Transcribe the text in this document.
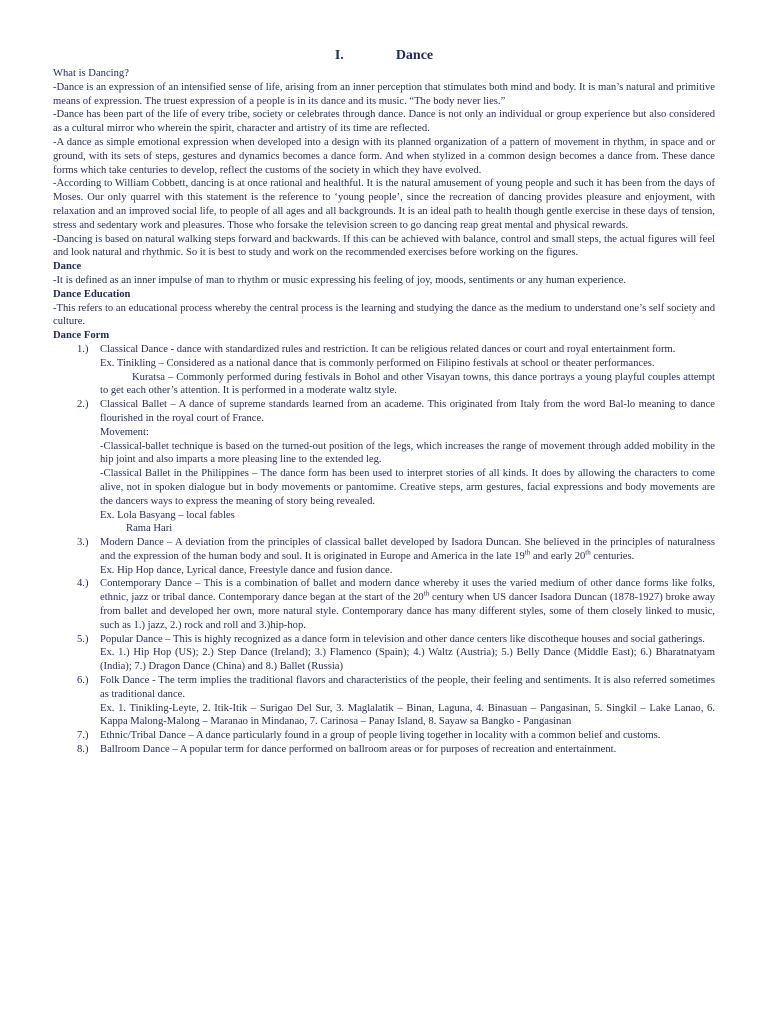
I.	Dance

What is Dancing?

-Dance is an expression of an intensified sense of life, arising from an inner perception that stimulates both mind and body. It is man’s natural and primitive means of expression. The truest expression of a people is in its dance and its music. “The body never lies.”

-Dance has been part of the life of every tribe, society or celebrates through dance. Dance is not only an individual or group experience but also considered as a cultural mirror who wherein the spirit, character and artistry of its time are reflected.

-A dance as simple emotional expression when developed into a design with its planned organization of a pattern of movement in rhythm, in space and or ground, with its sets of steps, gestures and dynamics becomes a dance form. And when stylized in a common design becomes a dance from. These dance forms which take centuries to develop, reflect the customs of the society in which they have evolved.

-According to William Cobbett, dancing is at once rational and healthful. It is the natural amusement of young people and such it has been from the days of Moses. Our only quarrel with this statement is the reference to ‘young people’, since the recreation of dancing provides pleasure and enjoyment, with relaxation and an improved social life, to people of all ages and all backgrounds. It is an ideal path to health though gentle exercise in these days of tension, stress and sedentary work and pleasures. Those who forsake the television screen to go dancing reap great mental and physical rewards.

-Dancing is based on natural walking steps forward and backwards. If this can be achieved with balance, control and small steps, the actual figures will feel and look natural and rhythmic. So it is best to study and work on the recommended exercises before working on the figures.

Dance

-It is defined as an inner impulse of man to rhythm or music expressing his feeling of joy, moods, sentiments or any human experience.

Dance Education

-This refers to an educational process whereby the central process is the learning and studying the dance as the medium to understand one’s self society and culture.

Dance Form

1.)	Classical Dance - dance with standardized rules and restriction. It can be religious related dances or court and royal entertainment form.

Ex. Tinikling – Considered as a national dance that is commonly performed on Filipino festivals at school or theater performances.

Kuratsa – Commonly performed during festivals in Bohol and other Visayan towns, this dance portrays a young playful couples attempt to get each other’s attention. It is performed in a moderate waltz style.

2.)	Classical Ballet – A dance of supreme standards learned from an academe. This originated from Italy from the word Bal-lo meaning to dance flourished in the royal court of France.

Movement:

-Classical-ballet technique is based on the turned-out position of the legs, which increases the range of movement through added mobility in the hip joint and also imparts a more pleasing line to the extended leg.

-Classical Ballet in the Philippines – The dance form has been used to interpret stories of all kinds. It does by allowing the characters to come alive, not in spoken dialogue but in body movements or pantomime. Creative steps, arm gestures, facial expressions and body movements are the dancers ways to express the meaning of story being revealed.

Ex. Lola Basyang – local fables

Rama Hari

3.)	Modern Dance – A deviation from the principles of classical ballet developed by Isadora Duncan. She believed in the principles of naturalness and the expression of the human body and soul. It is originated in Europe and America in the late 19th and early 20th centuries.

Ex. Hip Hop dance, Lyrical dance, Freestyle dance and fusion dance.

4.)	Contemporary Dance – This is a combination of ballet and modern dance whereby it uses the varied medium of other dance forms like folks, ethnic, jazz or tribal dance. Contemporary dance began at the start of the 20th century when US dancer Isadora Duncan (1878-1927) broke away from ballet and developed her own, more natural style. Contemporary dance has many different styles, some of them closely linked to music, such as 1.) jazz, 2.) rock and roll and 3.)hip-hop.

5.)	Popular Dance – This is highly recognized as a dance form in television and other dance centers like discotheque houses and social gatherings.

Ex. 1.) Hip Hop (US); 2.) Step Dance (Ireland); 3.) Flamenco (Spain); 4.) Waltz (Austria); 5.) Belly Dance (Middle East); 6.) Bharatnatyam (India); 7.) Dragon Dance (China) and 8.) Ballet (Russia)

6.)	Folk Dance - The term implies the traditional flavors and characteristics of the people, their feeling and sentiments. It is also referred sometimes as traditional dance.

Ex. 1. Tinikling-Leyte, 2. Itik-Itik – Surigao Del Sur, 3. Maglalatik – Binan, Laguna, 4. Binasuan – Pangasinan, 5. Singkil – Lake Lanao, 6. Kappa Malong-Malong – Maranao in Mindanao, 7. Carinosa – Panay Island, 8. Sayaw sa Bangko - Pangasinan

7.)	Ethnic/Tribal Dance – A dance particularly found in a group of people living together in locality with a common belief and customs.

8.)	Ballroom Dance – A popular term for dance performed on ballroom areas or for purposes of recreation and entertainment.
